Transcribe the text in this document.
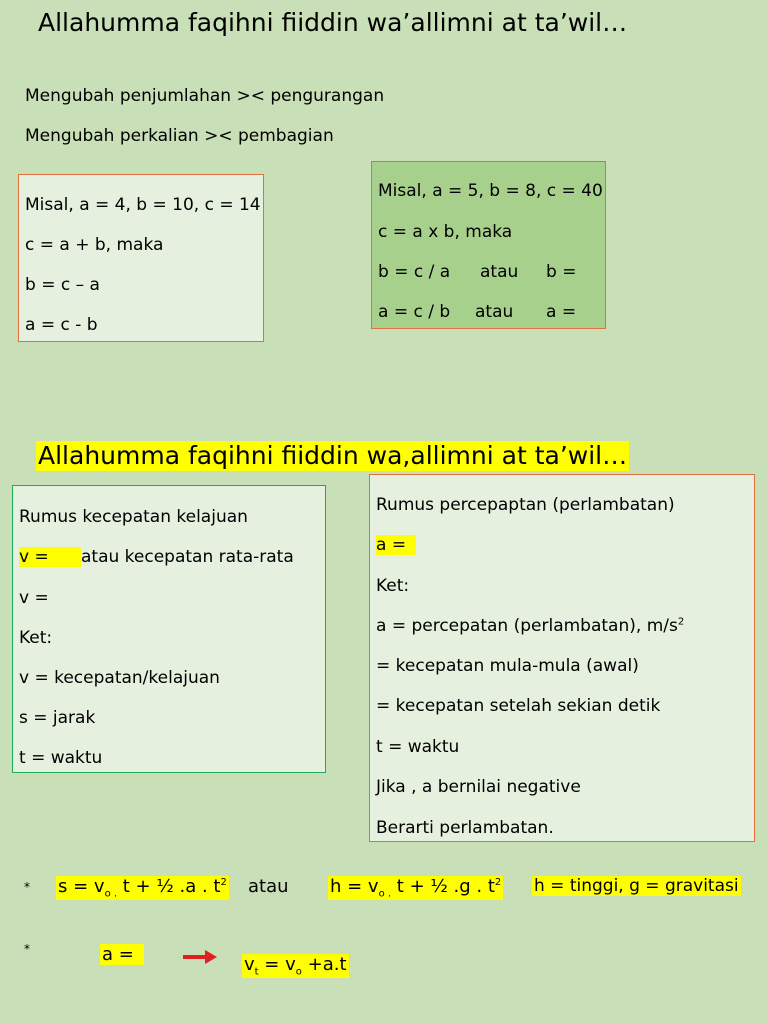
Allahumma faqihni fiiddin wa’allimni at ta’wil…
Mengubah penjumlahan >< pengurangan
Mengubah perkalian >< pembagian
Misal, a = 4, b = 10, c = 14
c = a + b, maka
b = c – a
a = c - b
Misal, a = 5, b = 8, c = 40
c = a x b, maka
b = c / a atau b =
a = c / b atau a =
Allahumma faqihni fiiddin wa,allimni at ta’wil…
Rumus kecepatan kelajuan
v = atau kecepatan rata-rata
v =
Ket:
v = kecepatan/kelajuan
s = jarak
t = waktu
Rumus percepaptan (perlambatan)
a =
Ket:
a = percepatan (perlambatan), $m/s^2$
= kecepatan mula-mula (awal)
= kecepatan setelah sekian detik
t = waktu
Jika , a bernilai negative
Berarti perlambatan.
* $s = v_{o .}$ t + ½ .a . $t^2$ atau $h = v_{o .}$ t + ½ .g . $t^2$ h = tinggi, g = gravitasi
*	a =	$v_t = v_o +a.t$
